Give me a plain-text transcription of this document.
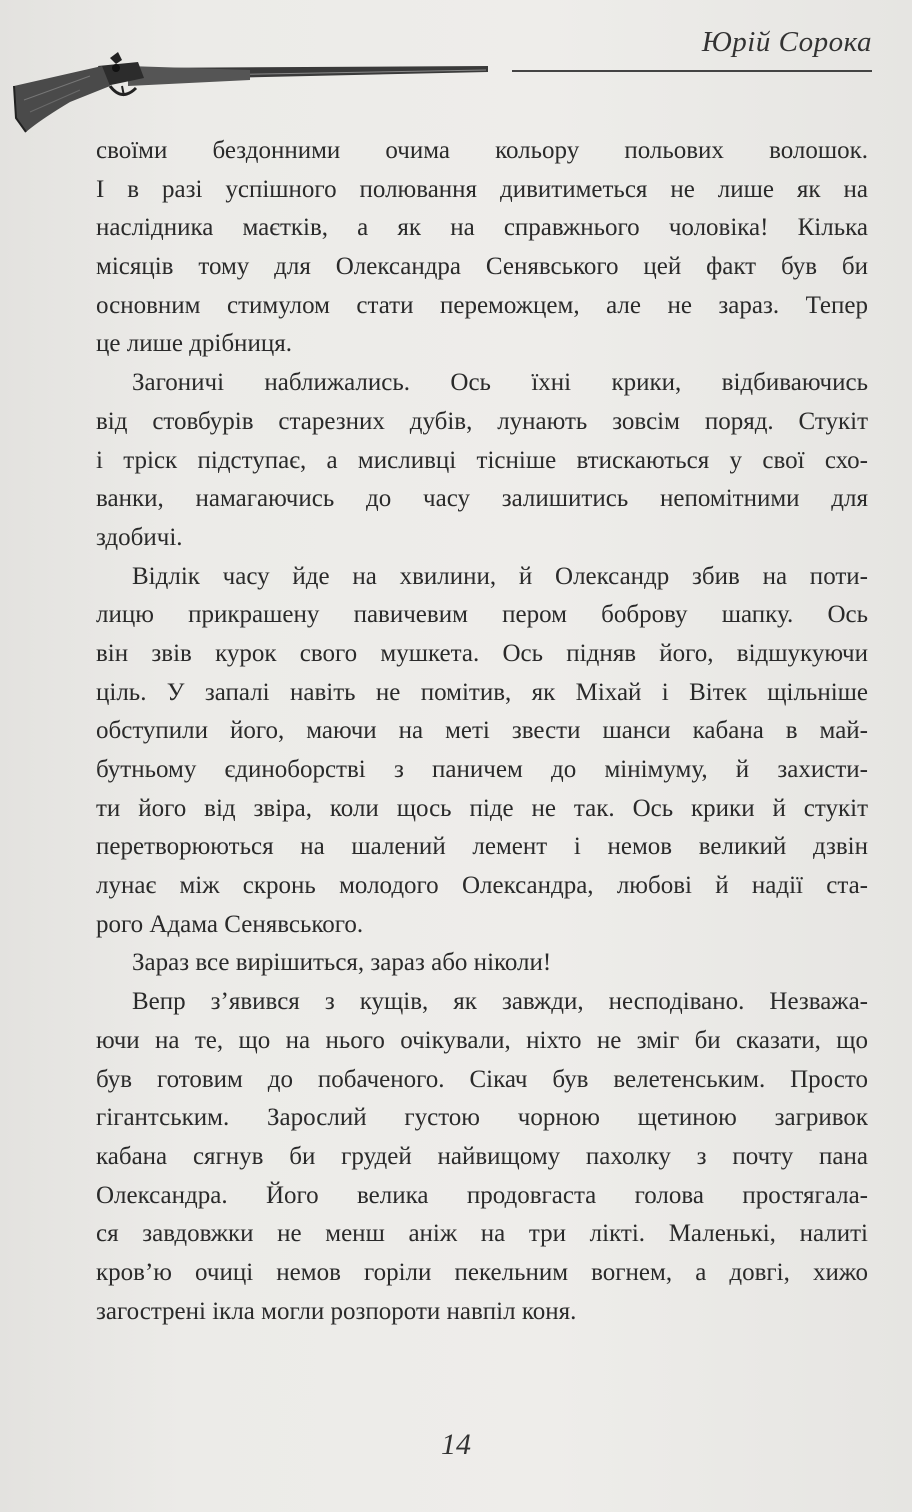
Юрій Сорока
своїми бездонними очима кольору польових волошок.
І в разі успішного полювання дивитиметься не лише як на
наслідника маєтків, а як на справжнього чоловіка! Кілька
місяців тому для Олександра Сенявського цей факт був би
основним стимулом стати переможцем, але не зараз. Тепер
це лише дрібниця.
Загоничі наближались. Ось їхні крики, відбиваючись
від стовбурів старезних дубів, лунають зовсім поряд. Стукіт
і тріск підступає, а мисливці тісніше втискаються у свої схо-
ванки, намагаючись до часу залишитись непомітними для
здобичі.
Відлік часу йде на хвилини, й Олександр збив на поти-
лицю прикрашену павичевим пером боброву шапку. Ось
він звів курок свого мушкета. Ось підняв його, відшукуючи
ціль. У запалі навіть не помітив, як Міхай і Вітек щільніше
обступили його, маючи на меті звести шанси кабана в май-
бутньому єдиноборстві з паничем до мінімуму, й захисти-
ти його від звіра, коли щось піде не так. Ось крики й стукіт
перетворюються на шалений лемент і немов великий дзвін
лунає між скронь молодого Олександра, любові й надії ста-
рого Адама Сенявського.
Зараз все вирішиться, зараз або ніколи!
Вепр з’явився з кущів, як завжди, несподівано. Незважа-
ючи на те, що на нього очікували, ніхто не зміг би сказати, що
був готовим до побаченого. Сікач був велетенським. Просто
гігантським. Зарослий густою чорною щетиною загривок
кабана сягнув би грудей найвищому пахолку з почту пана
Олександра. Його велика продовгаста голова простягала-
ся завдовжки не менш аніж на три лікті. Маленькі, налиті
кров’ю очиці немов горіли пекельним вогнем, а довгі, хижо
загострені ікла могли розпороти навпіл коня.
14
